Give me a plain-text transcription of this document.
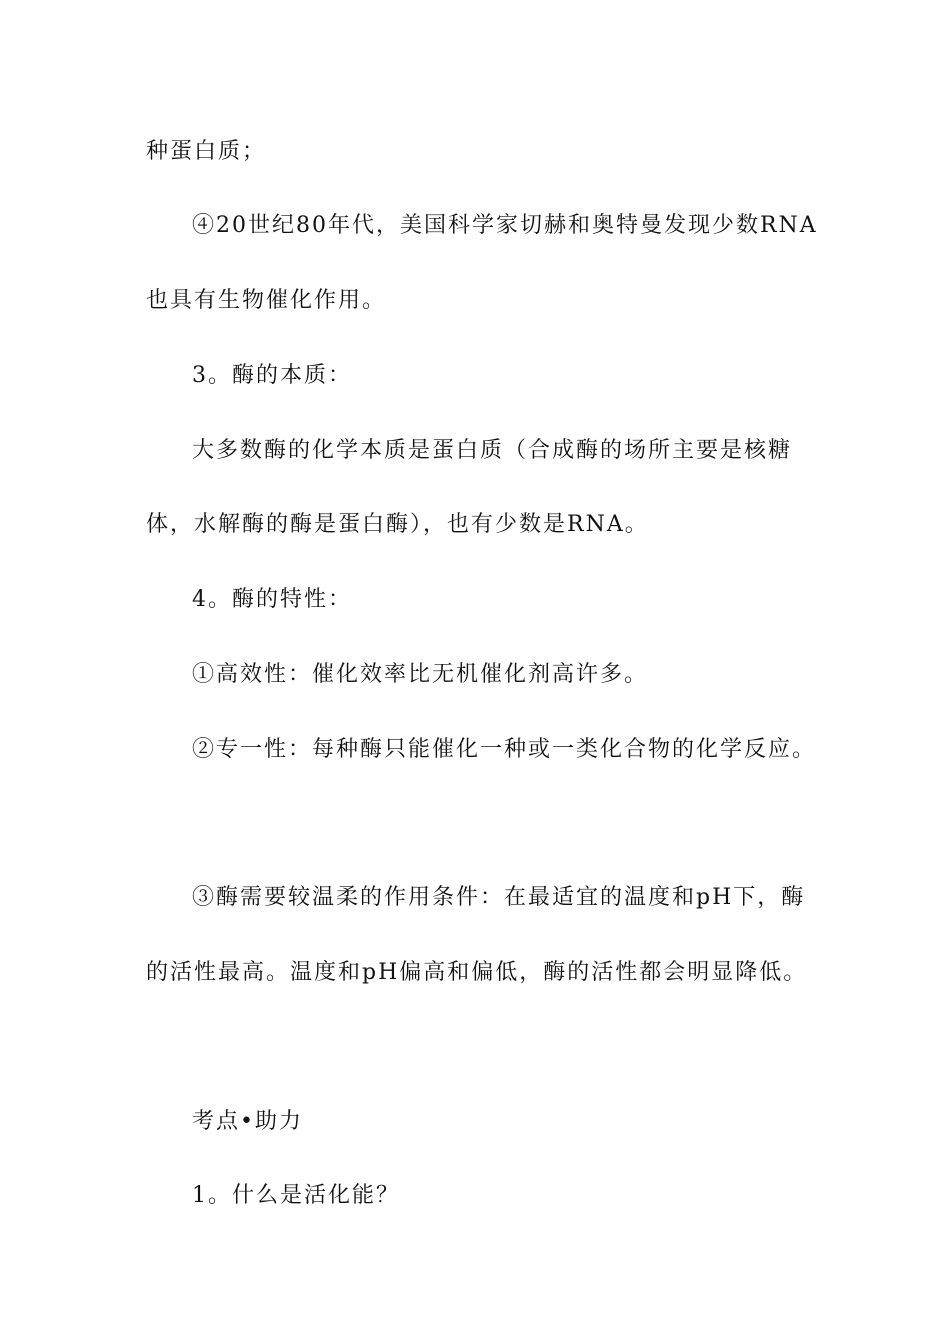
种蛋白质；
④20世纪80年代，美国科学家切赫和奥特曼发现少数RNA
也具有生物催化作用。
3。酶的本质：
大多数酶的化学本质是蛋白质（合成酶的场所主要是核糖
体，水解酶的酶是蛋白酶），也有少数是RNA。
4。酶的特性：
①高效性：催化效率比无机催化剂高许多。
②专一性：每种酶只能催化一种或一类化合物的化学反应。
③酶需要较温柔的作用条件：在最适宜的温度和pH下，酶
的活性最高。温度和pH偏高和偏低，酶的活性都会明显降低。
考点•助力
1。什么是活化能？
